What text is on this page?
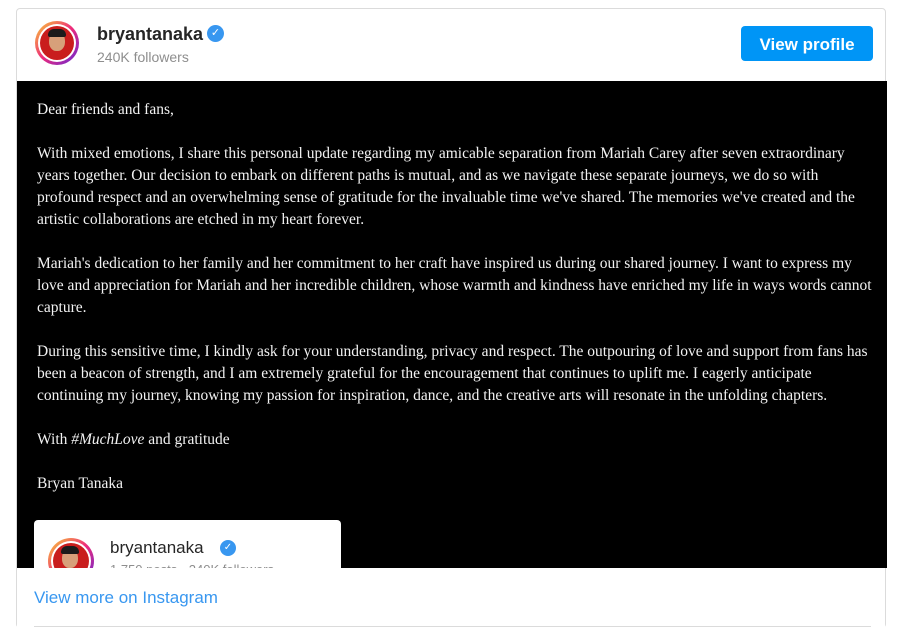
bryantanaka ✓
240K followers
View profile

Dear friends and fans,

With mixed emotions, I share this personal update regarding my amicable separation from Mariah Carey after seven extraordinary years together. Our decision to embark on different paths is mutual, and as we navigate these separate journeys, we do so with profound respect and an overwhelming sense of gratitude for the invaluable time we've shared. The memories we've created and the artistic collaborations are etched in my heart forever.

Mariah's dedication to her family and her commitment to her craft have inspired us during our shared journey. I want to express my love and appreciation for Mariah and her incredible children, whose warmth and kindness have enriched my life in ways words cannot capture.

During this sensitive time, I kindly ask for your understanding, privacy and respect. The outpouring of love and support from fans has been a beacon of strength, and I am extremely grateful for the encouragement that continues to uplift me. I eagerly anticipate continuing my journey, knowing my passion for inspiration, dance, and the creative arts will resonate in the unfolding chapters.

With #MuchLove and gratitude

Bryan Tanaka

bryantanaka	✓
View more on Instagram
